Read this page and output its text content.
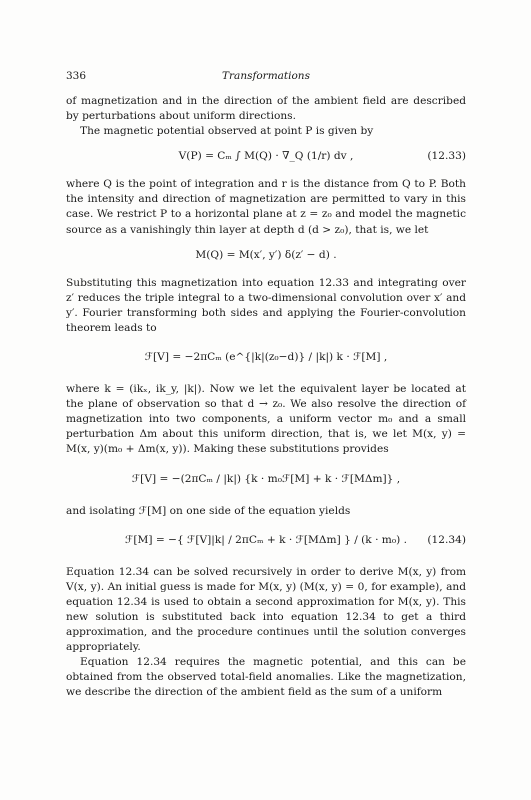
336	Transformations

of magnetization and in the direction of the ambient field are described by perturbations about uniform directions.

The magnetic potential observed at point P is given by

V(P) = Cₘ ∫ M(Q) · ∇_Q (1/r) dv ,	(12.33)

where Q is the point of integration and r is the distance from Q to P. Both the intensity and direction of magnetization are permitted to vary in this case. We restrict P to a horizontal plane at z = z₀ and model the magnetic source as a vanishingly thin layer at depth d (d > z₀), that is, we let

M(Q) = M(x′, y′) δ(z′ − d) .

Substituting this magnetization into equation 12.33 and integrating over z′ reduces the triple integral to a two-dimensional convolution over x′ and y′. Fourier transforming both sides and applying the Fourier-convolution theorem leads to

ℱ[V] = −2πCₘ (e^{|k|(z₀−d)} / |k|) k · ℱ[M] ,

where k = (ikₓ, ik_y, |k|). Now we let the equivalent layer be located at the plane of observation so that d → z₀. We also resolve the direction of magnetization into two components, a uniform vector m₀ and a small perturbation Δm about this uniform direction, that is, we let M(x, y) = M(x, y)(m₀ + Δm(x, y)). Making these substitutions provides

ℱ[V] = −(2πCₘ / |k|) {k · m₀ℱ[M] + k · ℱ[MΔm]} ,

and isolating ℱ[M] on one side of the equation yields

ℱ[M] = −{ ℱ[V]|k| / 2πCₘ + k · ℱ[MΔm] } / (k · m₀) .	(12.34)

Equation 12.34 can be solved recursively in order to derive M(x, y) from V(x, y). An initial guess is made for M(x, y) (M(x, y) = 0, for example), and equation 12.34 is used to obtain a second approximation for M(x, y). This new solution is substituted back into equation 12.34 to get a third approximation, and the procedure continues until the solution converges appropriately.

Equation 12.34 requires the magnetic potential, and this can be obtained from the observed total-field anomalies. Like the magnetization, we describe the direction of the ambient field as the sum of a uniform
